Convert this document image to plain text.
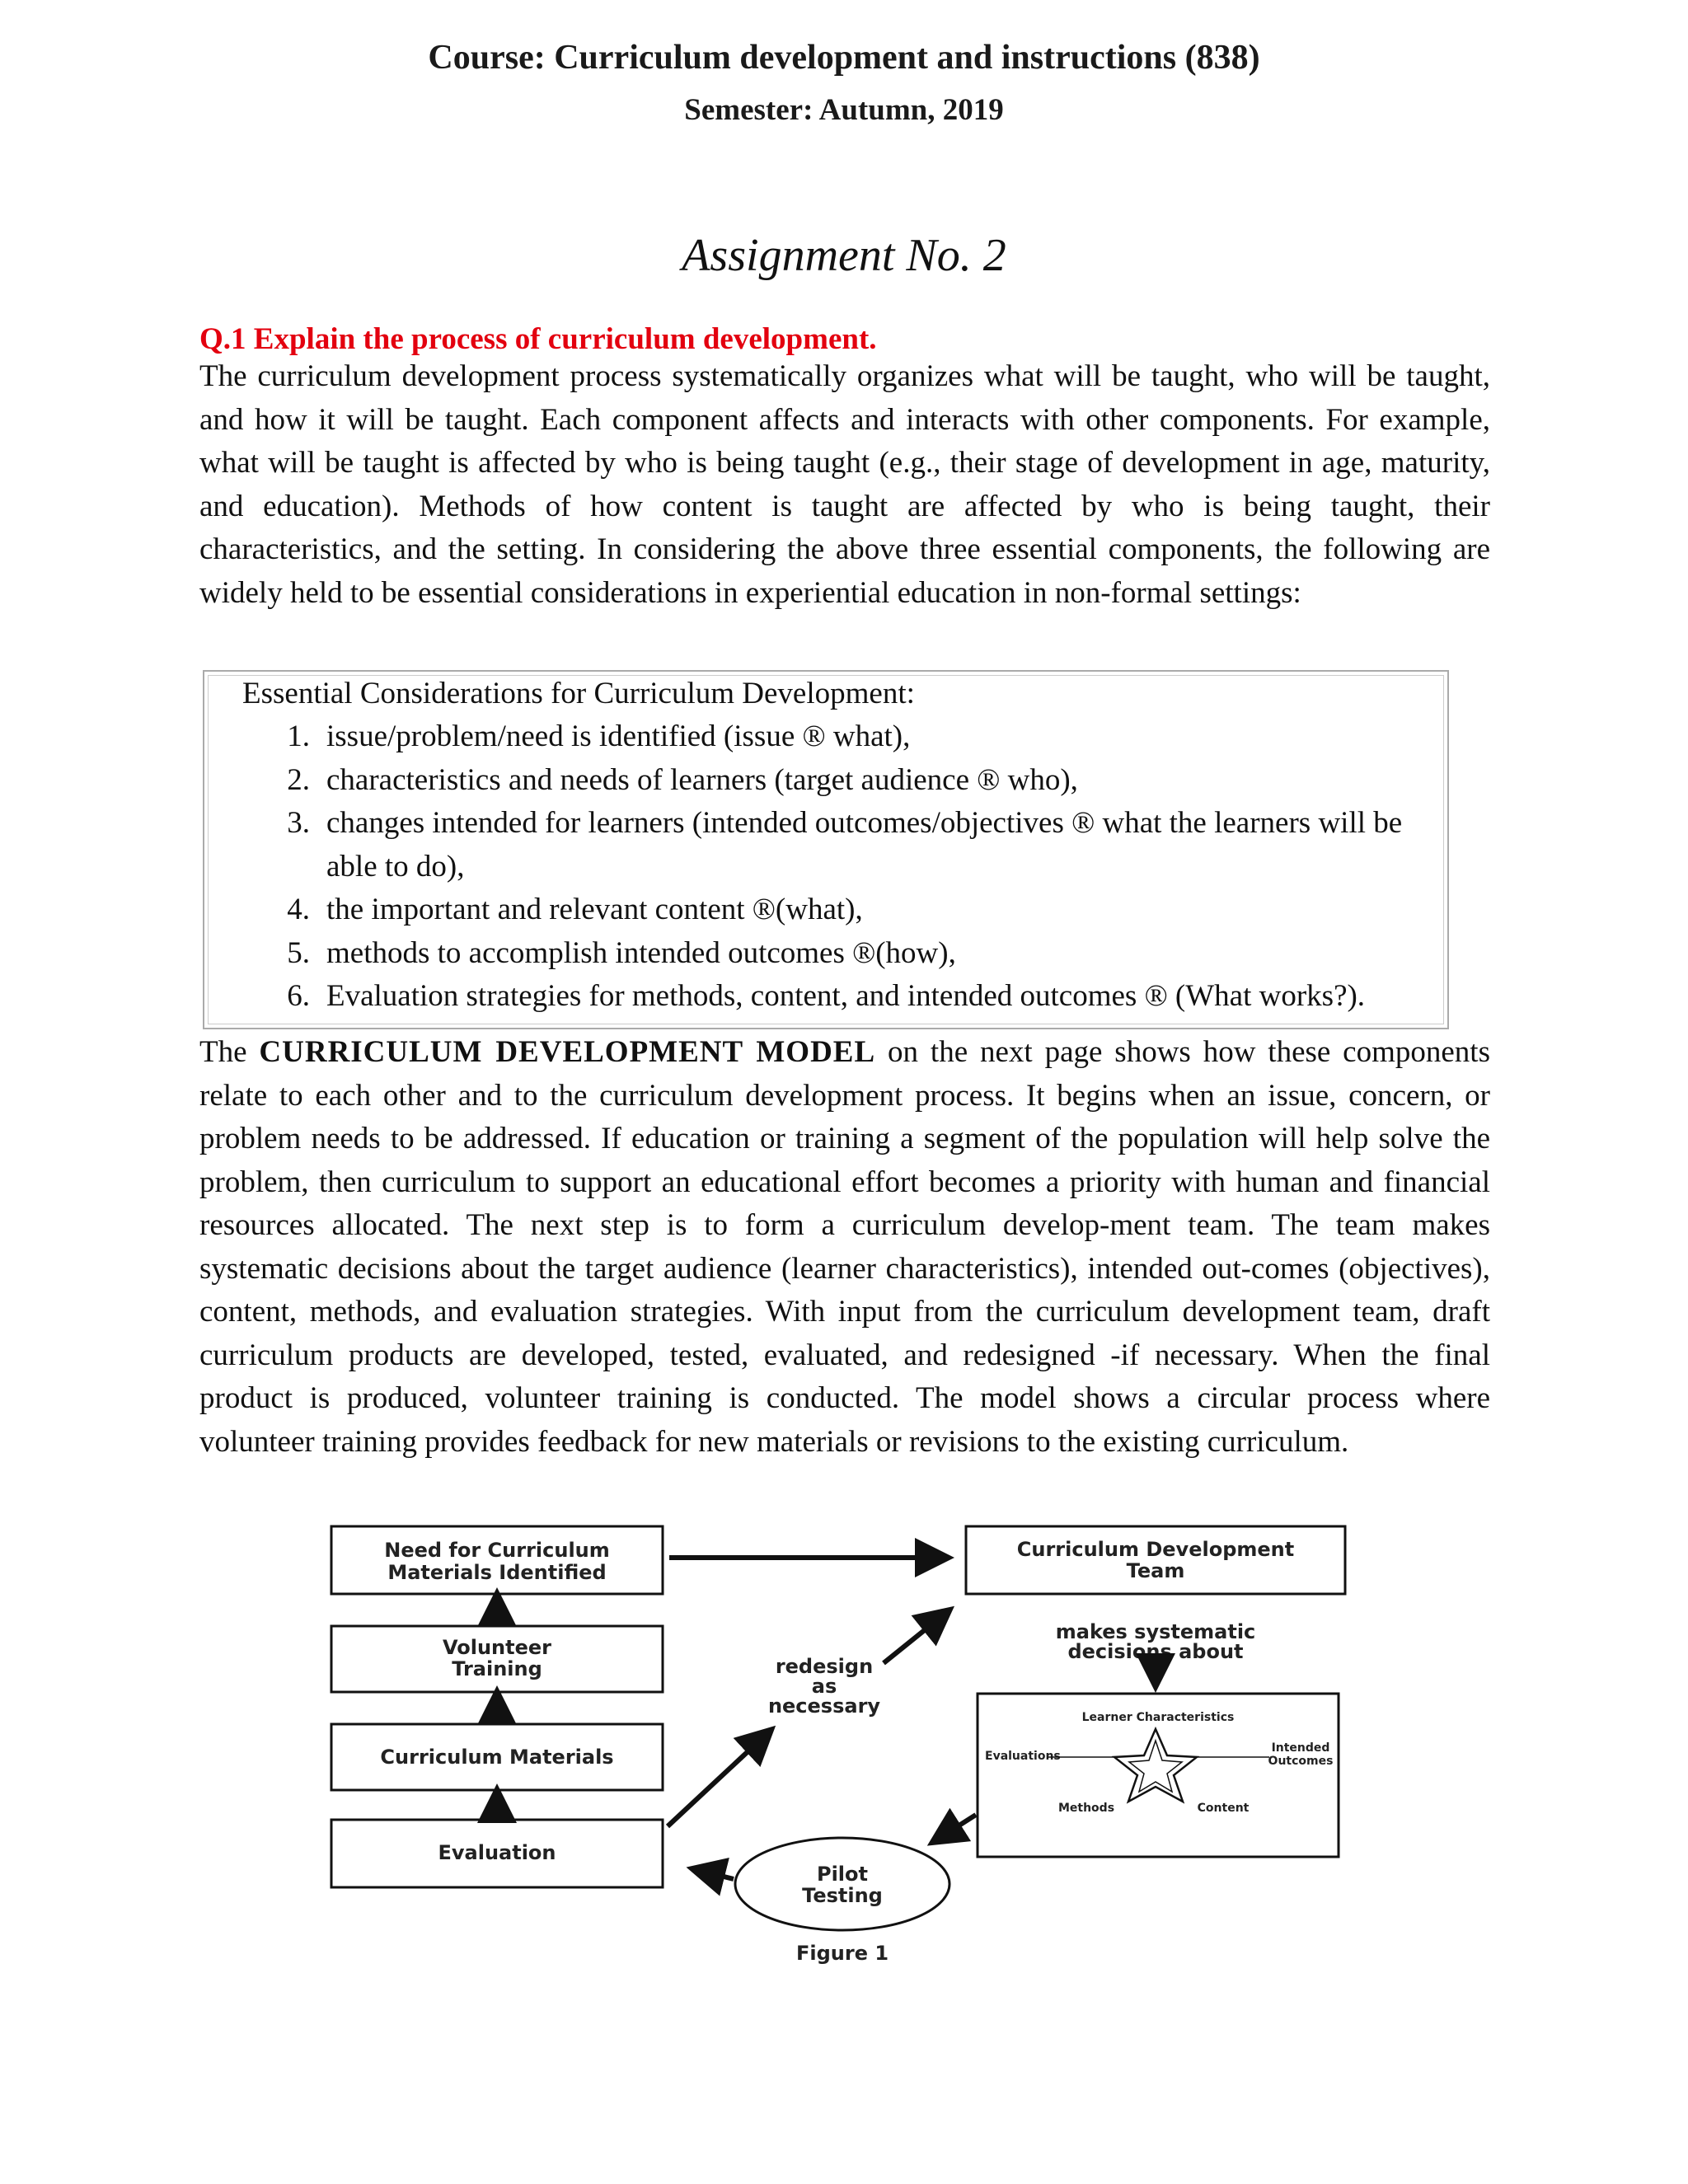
Course: Curriculum development and instructions (838)
Semester: Autumn, 2019
Assignment No. 2
Q.1 Explain the process of curriculum development.

The curriculum development process systematically organizes what will be taught, who will be taught, and how it will be taught. Each component affects and interacts with other components. For example, what will be taught is affected by who is being taught (e.g., their stage of development in age, maturity, and education). Methods of how content is taught are affected by who is being taught, their characteristics, and the setting. In considering the above three essential components, the following are widely held to be essential considerations in experiential education in non-formal settings:

Essential Considerations for Curriculum Development:
1. issue/problem/need is identified (issue ® what),
2. characteristics and needs of learners (target audience ® who),
3. changes intended for learners (intended outcomes/objectives ® what the learners will be able to do),
4. the important and relevant content ®(what),
5. methods to accomplish intended outcomes ®(how),
6. Evaluation strategies for methods, content, and intended outcomes ® (What works?).

The CURRICULUM DEVELOPMENT MODEL on the next page shows how these components relate to each other and to the curriculum development process. It begins when an issue, concern, or problem needs to be addressed. If education or training a segment of the population will help solve the problem, then curriculum to support an educational effort becomes a priority with human and financial resources allocated. The next step is to form a curriculum develop-ment team. The team makes systematic decisions about the target audience (learner characteristics), intended out-comes (objectives), content, methods, and evaluation strategies. With input from the curriculum development team, draft curriculum products are developed, tested, evaluated, and redesigned -if necessary. When the final product is produced, volunteer training is conducted. The model shows a circular process where volunteer training provides feedback for new materials or revisions to the existing curriculum.

Need for Curriculum
Materials Identified
Volunteer
Training
Curriculum Materials
Evaluation
Curriculum Development
Team
makes systematic
decisions about
Learner Characteristics
Evaluations
Intended
Outcomes
Methods	Content
Pilot
Testing
redesign
as
necessary
Figure 1
